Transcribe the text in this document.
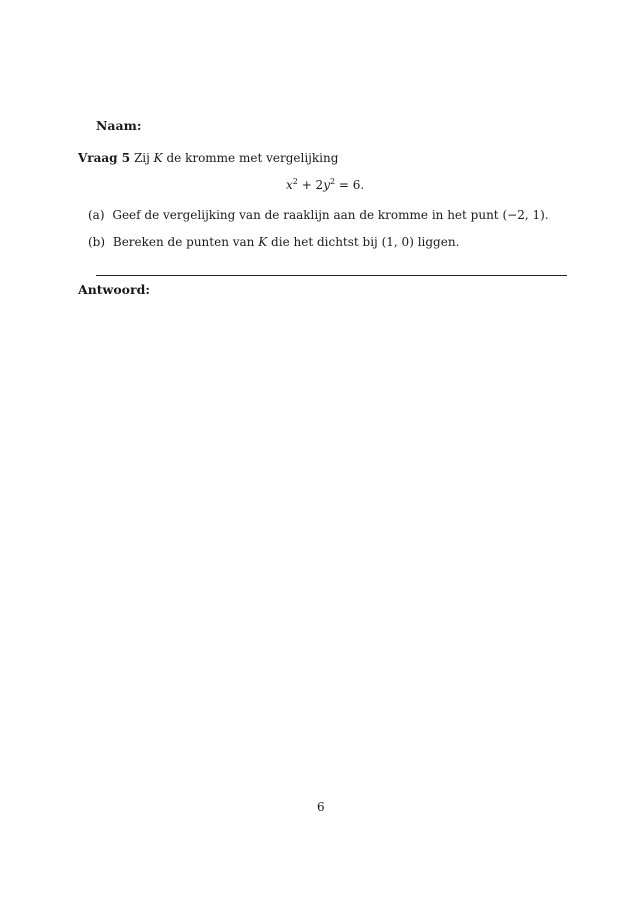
Naam:
Vraag 5 Zij K de kromme met vergelijking
$x^2 + 2y^2 = 6$.
(a) Geef de vergelijking van de raaklijn aan de kromme in het punt (−2, 1).
(b) Bereken de punten van K die het dichtst bij (1, 0) liggen.
Antwoord:
6
